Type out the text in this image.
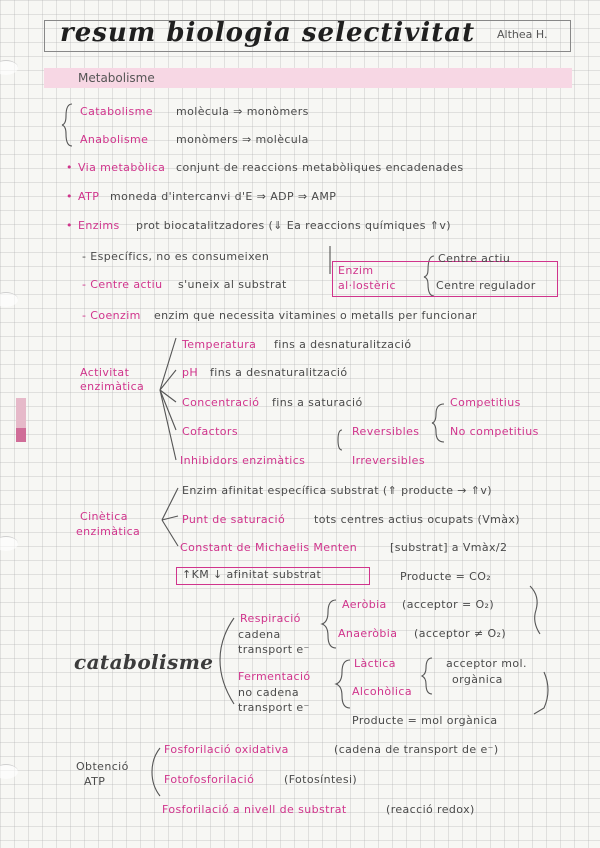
resum biologia selectivitat Althea H.
Metabolisme
Catabolisme molècula ⇒ monòmers
Anabolisme	monòmers ⇒ molècula
• Via metabòlica conjunt de reaccions metabòliques encadenades
• ATP moneda d'intercanvi d'E ⇒ ADP ⇒ AMP
• Enzims prot biocatalitzadores (⇓ Ea reaccions químiques ⇑v)
- Específics, no es consumeixen
- Centre actiu s'uneix al substrat
Enzim
al·lostèric
Centre actiu
Centre regulador
- Coenzim enzim que necessita vitamines o metalls per funcionar
Activitat
enzimàtica
Temperatura fins a desnaturalització
pH fins a desnaturalització
Concentració fins a saturació
Cofactors
Inhibidors enzimàtics
Reversibles
Irreversibles
Competitius
No competitius
Cinètica
enzimàtica
Enzim afinitat específica substrat (⇑ producte → ⇑v)
Punt de saturació	tots centres actius ocupats (Vmàx)
Constant de Michaelis Menten	[substrat] a Vmàx/2
↑KM ↓ afinitat substrat	Producte = CO₂
catabolisme
Respiració
cadena
transport e⁻
Aeròbia (acceptor = O₂)
Anaeròbia (acceptor ≠ O₂)
Fermentació
no cadena
transport e⁻
Làctica
Alcohòlica
acceptor mol.
orgànica
Producte = mol orgànica
Obtenció
ATP
Fosforilació oxidativa	(cadena de transport de e⁻)
Fotofosforilació	(Fotosíntesi)
Fosforilació a nivell de substrat	(reacció redox)
